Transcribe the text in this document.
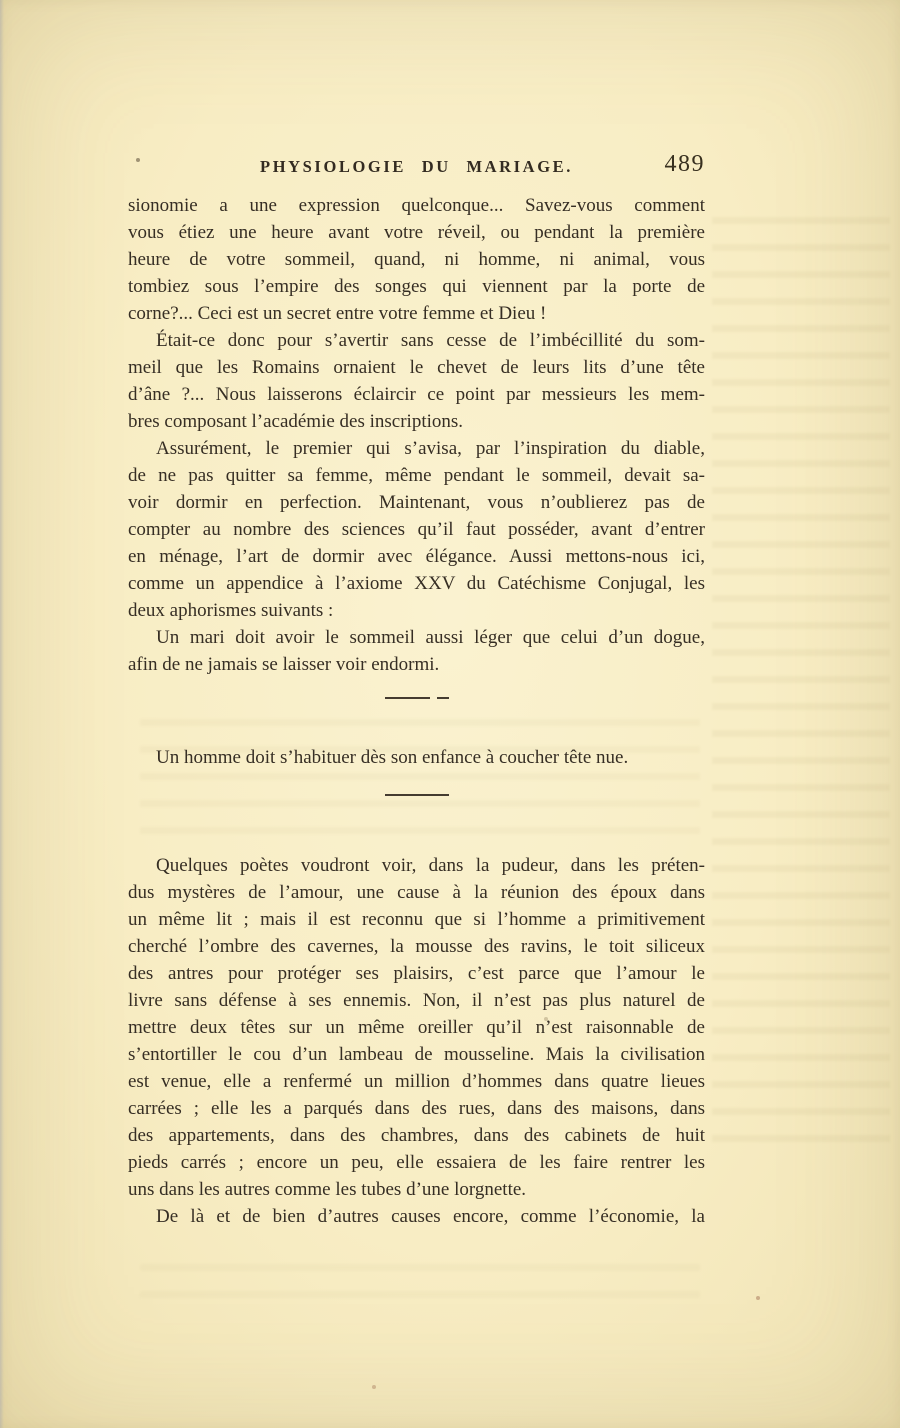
PHYSIOLOGIE DU MARIAGE.	489
sionomie a une expression quelconque... Savez-vous comment
vous étiez une heure avant votre réveil, ou pendant la première
heure de votre sommeil, quand, ni homme, ni animal, vous
tombiez sous l’empire des songes qui viennent par la porte de
corne?... Ceci est un secret entre votre femme et Dieu !
Était-ce donc pour s’avertir sans cesse de l’imbécillité du som-
meil que les Romains ornaient le chevet de leurs lits d’une tête
d’âne ?... Nous laisserons éclaircir ce point par messieurs les mem-
bres composant l’académie des inscriptions.
Assurément, le premier qui s’avisa, par l’inspiration du diable,
de ne pas quitter sa femme, même pendant le sommeil, devait sa-
voir dormir en perfection. Maintenant, vous n’oublierez pas de
compter au nombre des sciences qu’il faut posséder, avant d’entrer
en ménage, l’art de dormir avec élégance. Aussi mettons-nous ici,
comme un appendice à l’axiome XXV du Catéchisme Conjugal, les
deux aphorismes suivants :
Un mari doit avoir le sommeil aussi léger que celui d’un dogue,
afin de ne jamais se laisser voir endormi.
Un homme doit s’habituer dès son enfance à coucher tête nue.
Quelques poètes voudront voir, dans la pudeur, dans les préten-
dus mystères de l’amour, une cause à la réunion des époux dans
un même lit ; mais il est reconnu que si l’homme a primitivement
cherché l’ombre des cavernes, la mousse des ravins, le toit siliceux
des antres pour protéger ses plaisirs, c’est parce que l’amour le
livre sans défense à ses ennemis. Non, il n’est pas plus naturel de
mettre deux têtes sur un même oreiller qu’il n’est raisonnable de
s’entortiller le cou d’un lambeau de mousseline. Mais la civilisation
est venue, elle a renfermé un million d’hommes dans quatre lieues
carrées ; elle les a parqués dans des rues, dans des maisons, dans
des appartements, dans des chambres, dans des cabinets de huit
pieds carrés ; encore un peu, elle essaiera de les faire rentrer les
uns dans les autres comme les tubes d’une lorgnette.
De là et de bien d’autres causes encore, comme l’économie, la
